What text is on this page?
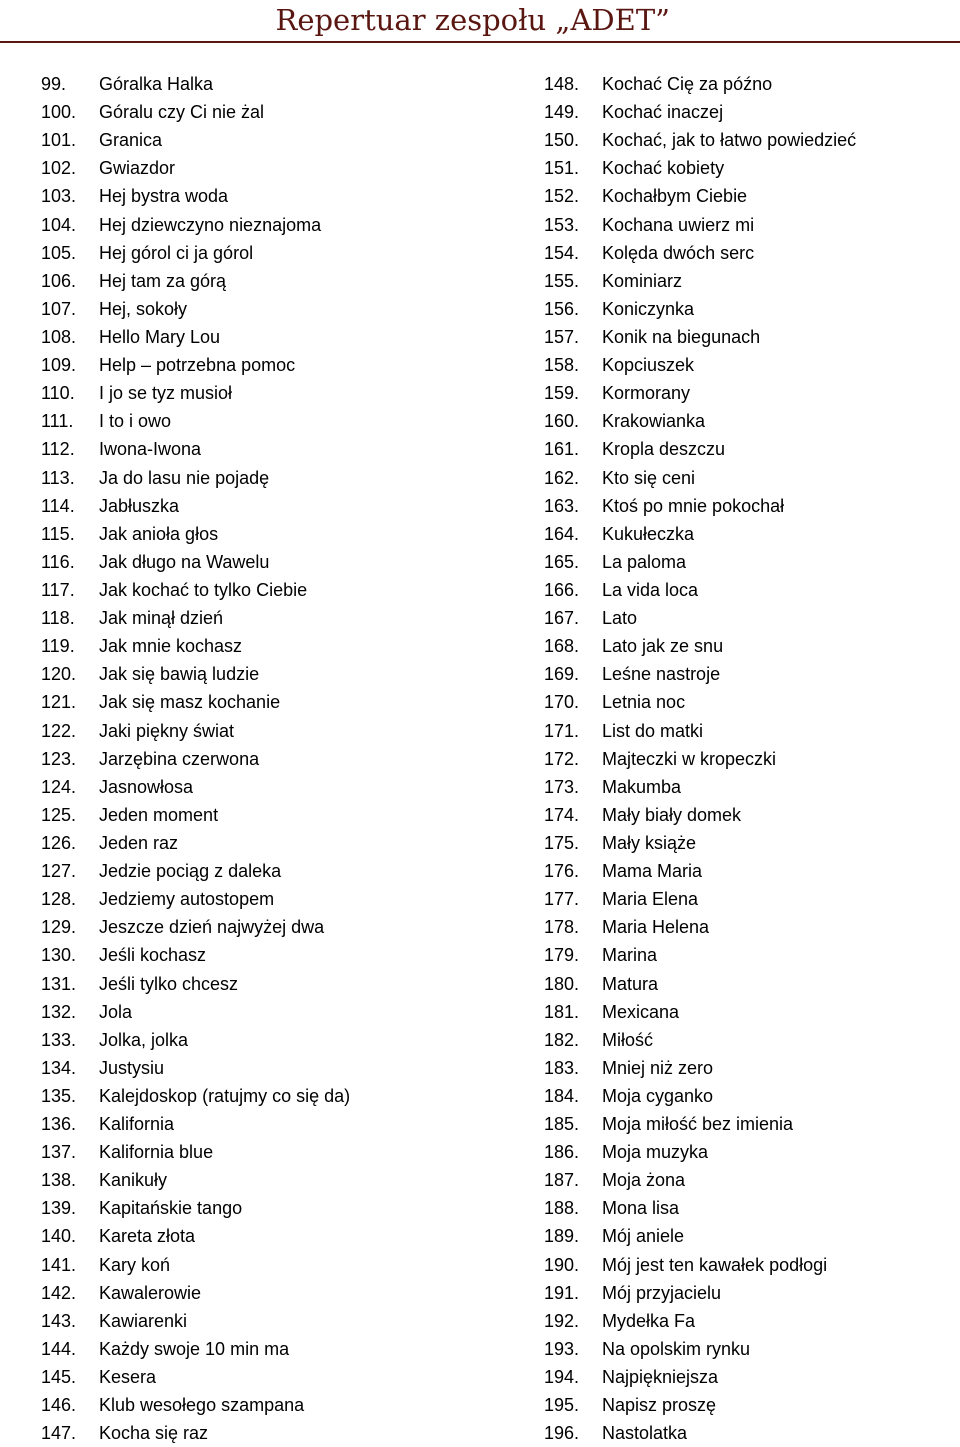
Repertuar zespołu „ADET”
99. Góralka Halka
100. Góralu czy Ci nie żal
101. Granica
102. Gwiazdor
103. Hej bystra woda
104. Hej dziewczyno nieznajoma
105. Hej górol ci ja górol
106. Hej tam za górą
107. Hej, sokoły
108. Hello Mary Lou
109. Help – potrzebna pomoc
110. I jo se tyz musioł
111. I to i owo
112. Iwona-Iwona
113. Ja do lasu nie pojadę
114. Jabłuszka
115. Jak anioła głos
116. Jak długo na Wawelu
117. Jak kochać to tylko Ciebie
118. Jak minął dzień
119. Jak mnie kochasz
120. Jak się bawią ludzie
121. Jak się masz kochanie
122. Jaki piękny świat
123. Jarzębina czerwona
124. Jasnowłosa
125. Jeden moment
126. Jeden raz
127. Jedzie pociąg z daleka
128. Jedziemy autostopem
129. Jeszcze dzień najwyżej dwa
130. Jeśli kochasz
131. Jeśli tylko chcesz
132. Jola
133. Jolka, jolka
134. Justysiu
135. Kalejdoskop (ratujmy co się da)
136. Kalifornia
137. Kalifornia blue
138. Kanikuły
139. Kapitańskie tango
140. Kareta złota
141. Kary koń
142. Kawalerowie
143. Kawiarenki
144. Każdy swoje 10 min ma
145. Kesera
146. Klub wesołego szampana
147. Kocha się raz
148. Kochać Cię za późno
149. Kochać inaczej
150. Kochać, jak to łatwo powiedzieć
151. Kochać kobiety
152. Kochałbym Ciebie
153. Kochana uwierz mi
154. Kolęda dwóch serc
155. Kominiarz
156. Koniczynka
157. Konik na biegunach
158. Kopciuszek
159. Kormorany
160. Krakowianka
161. Kropla deszczu
162. Kto się ceni
163. Ktoś po mnie pokochał
164. Kukułeczka
165. La paloma
166. La vida loca
167. Lato
168. Lato jak ze snu
169. Leśne nastroje
170. Letnia noc
171. List do matki
172. Majteczki w kropeczki
173. Makumba
174. Mały biały domek
175. Mały książe
176. Mama Maria
177. Maria Elena
178. Maria Helena
179. Marina
180. Matura
181. Mexicana
182. Miłość
183. Mniej niż zero
184. Moja cyganko
185. Moja miłość bez imienia
186. Moja muzyka
187. Moja żona
188. Mona lisa
189. Mój aniele
190. Mój jest ten kawałek podłogi
191. Mój przyjacielu
192. Mydełka Fa
193. Na opolskim rynku
194. Najpiękniejsza
195. Napisz proszę
196. Nastolatka
